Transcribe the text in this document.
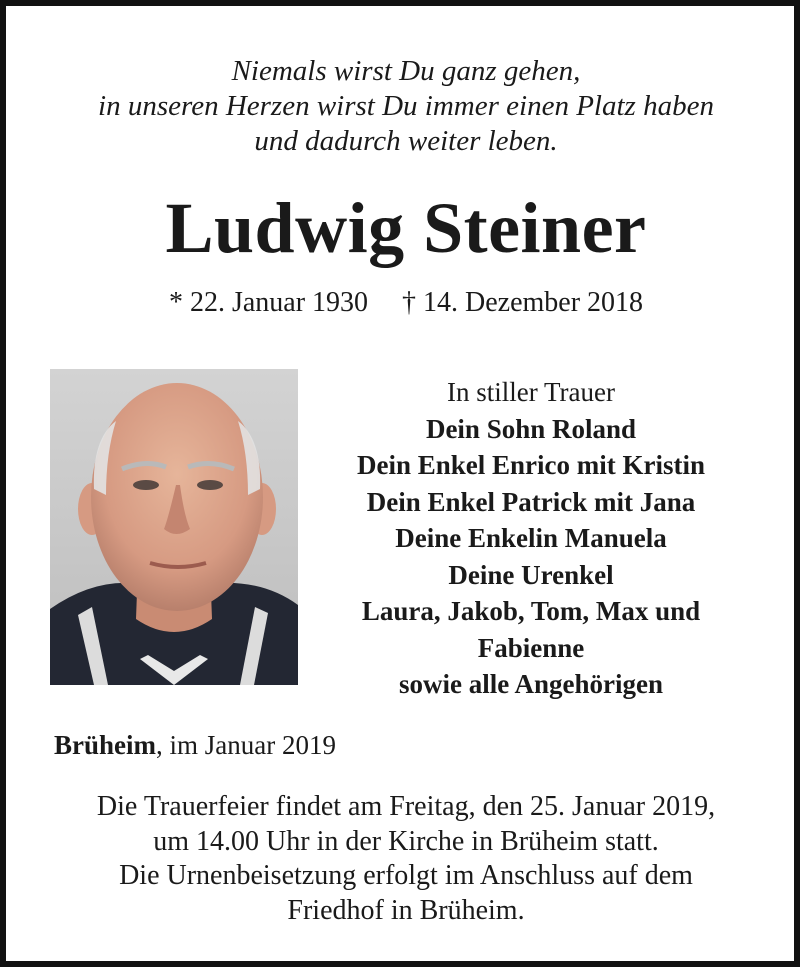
Niemals wirst Du ganz gehen,
in unseren Herzen wirst Du immer einen Platz haben
und dadurch weiter leben.
Ludwig Steiner
* 22. Januar 1930 † 14. Dezember 2018
In stiller Trauer
Dein Sohn Roland
Dein Enkel Enrico mit Kristin
Dein Enkel Patrick mit Jana
Deine Enkelin Manuela
Deine Urenkel
Laura, Jakob, Tom, Max und
Fabienne
sowie alle Angehörigen
Brüheim, im Januar 2019
Die Trauerfeier findet am Freitag, den 25. Januar 2019,
um 14.00 Uhr in der Kirche in Brüheim statt.
Die Urnenbeisetzung erfolgt im Anschluss auf dem
Friedhof in Brüheim.
